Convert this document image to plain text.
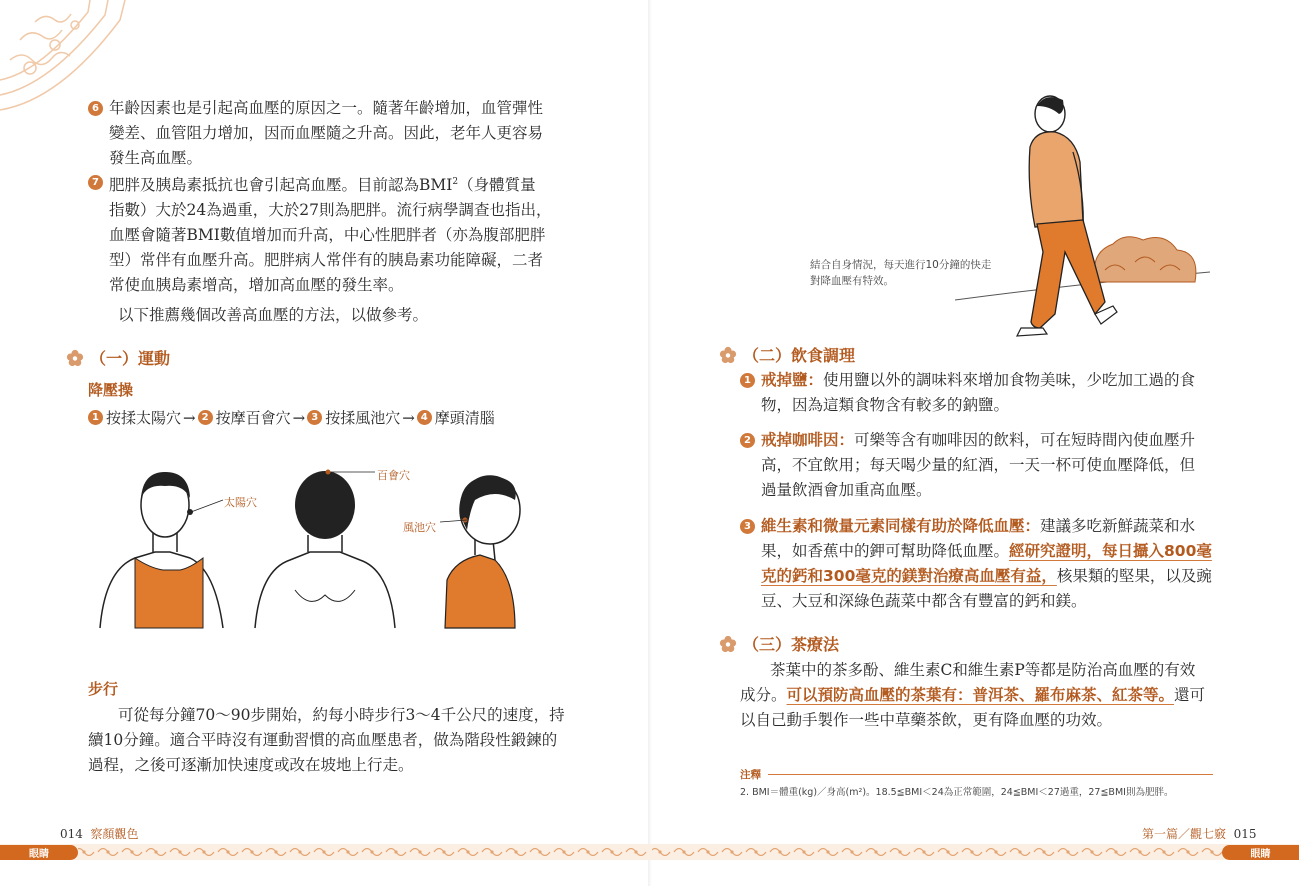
6 年齡因素也是引起高血壓的原因之一。隨著年齡增加，血管彈性
變差、血管阻力增加，因而血壓隨之升高。因此，老年人更容易
發生高血壓。
7 肥胖及胰島素抵抗也會引起高血壓。目前認為BMI$^2$（身體質量
指數）大於24為過重，大於27則為肥胖。流行病學調查也指出，
血壓會隨著BMI數值增加而升高，中心性肥胖者（亦為腹部肥胖
型）常伴有血壓升高。肥胖病人常伴有的胰島素功能障礙，二者
常使血胰島素增高，增加高血壓的發生率。
以下推薦幾個改善高血壓的方法，以做參考。
（一）運動
降壓操
1 按揉太陽穴 → 2 按摩百會穴 → 3 按揉風池穴 → 4 摩頭清腦
太陽穴
百會穴
風池穴
步行
可從每分鐘70～90步開始，約每小時步行3～4千公尺的速度，持
續10分鐘。適合平時沒有運動習慣的高血壓患者，做為階段性鍛鍊的
過程，之後可逐漸加快速度或改在坡地上行走。
014 察顏觀色
結合自身情況，每天進行10分鐘的快走
對降血壓有特效。
（二）飲食調理
1 戒掉鹽：使用鹽以外的調味料來增加食物美味，少吃加工過的食
物，因為這類食物含有較多的鈉鹽。
2 戒掉咖啡因：可樂等含有咖啡因的飲料，可在短時間內使血壓升
高，不宜飲用；每天喝少量的紅酒，一天一杯可使血壓降低，但
過量飲酒會加重高血壓。
3 維生素和微量元素同樣有助於降低血壓：建議多吃新鮮蔬菜和水
果，如香蕉中的鉀可幫助降低血壓。經研究證明，每日攝入800毫
克的鈣和300毫克的鎂對治療高血壓有益，核果類的堅果，以及豌
豆、大豆和深綠色蔬菜中都含有豐富的鈣和鎂。
（三）茶療法
茶葉中的茶多酚、維生素C和維生素P等都是防治高血壓的有效
成分。可以預防高血壓的茶葉有：普洱茶、羅布麻茶、紅茶等。還可
以自己動手製作一些中草藥茶飲，更有降血壓的功效。
注釋
2. BMI＝體重(kg)／身高(m²)。18.5≦BMI＜24為正常範圍，24≦BMI＜27過重，27≦BMI則為肥胖。
第一篇／觀七竅 015
眼睛	眼睛
